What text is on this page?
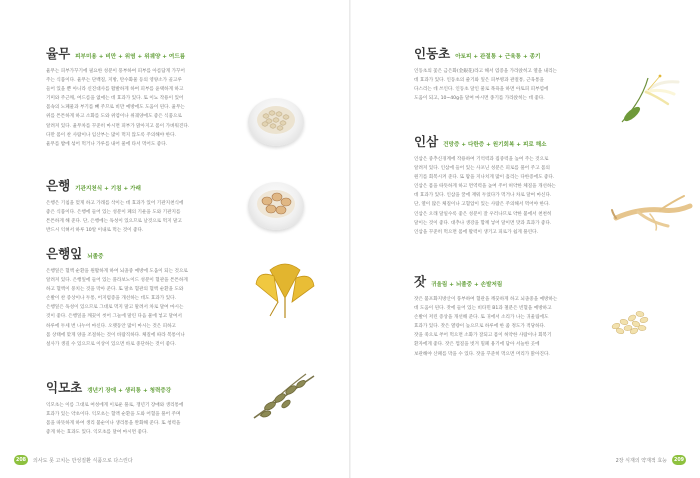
율무 피부미용 + 비만 + 위염 + 위궤양 + 여드름
율무는 피부가꾸기에 필요한 성분이 풍부하여 피부를 아름답게 가꾸어
주는 식품이다. 율무는 단백질, 지방, 탄수화물 등의 영양소가 골고루
들어 있을 뿐 아니라 신진대사를 활발하게 하여 피부를 윤택하게 하고
기미와 주근깨, 여드름을 없애는 데 효과가 있다. 또 이뇨 작용이 있어
몸속의 노폐물과 부기를 빼 주므로 비만 예방에도 도움이 된다. 율무는
위를 튼튼하게 하고 소화를 도와 위염이나 위궤양에도 좋은 식품으로
알려져 있다. 율무차를 꾸준히 마시면 피부가 맑아지고 몸이 가벼워진다.
다만 몸이 찬 사람이나 임산부는 많이 먹지 않도록 주의해야 한다.
율무를 밥에 섞어 먹거나 가루를 내어 물에 타서 먹어도 좋다.
은행 기관지천식 + 기침 + 가래
은행은 기침을 멎게 하고 가래를 삭이는 데 효과가 있어 기관지천식에
좋은 식품이다. 은행에 들어 있는 성분이 폐의 기운을 도와 기관지를
튼튼하게 해 준다. 단, 은행에는 독성이 있으므로 날것으로 먹지 말고
반드시 익혀서 하루 10알 이내로 먹는 것이 좋다.
은행잎 뇌졸중
은행잎은 혈액 순환을 원활하게 하여 뇌졸중 예방에 도움이 되는 것으로
알려져 있다. 은행잎에 들어 있는 플라보노이드 성분이 혈관을 튼튼하게
하고 혈액이 뭉치는 것을 막아 준다. 또 말초 혈관의 혈액 순환을 도와
손발이 찬 증상이나 두통, 어지럼증을 개선하는 데도 효과가 있다.
은행잎은 독성이 있으므로 그대로 먹지 말고 말려서 차로 달여 마시는
것이 좋다. 은행잎을 깨끗이 씻어 그늘에 말린 다음 물에 넣고 달여서
하루에 두세 번 나누어 마신다. 오랫동안 많이 마시는 것은 피하고
몸 상태에 맞게 양을 조절하는 것이 바람직하다. 체질에 따라 복통이나
설사가 생길 수 있으므로 이상이 있으면 바로 중단하는 것이 좋다.
익모초 갱년기 장애 + 생리통 + 청력증강
익모초는 이름 그대로 여성에게 이로운 풀로, 갱년기 장애와 생리통에
효과가 있는 약초이다. 익모초는 혈액 순환을 도와 어혈을 풀어 주며
몸을 따뜻하게 하여 생리 불순이나 생리통을 완화해 준다. 또 청력을
좋게 하는 효과도 있다. 익모초를 달여 마시면 좋다.
208	의사도 못 고치는 만성질환 식품으로 다스린다
인동초 아토피 + 관절통 + 근육통 + 종기
인동초의 꽃은 금은화(金銀花)라고 해서 염증을 가라앉히고 열을 내리는
데 효과가 있다. 인동초의 줄기와 잎은 피부병과 관절통, 근육통을
다스리는 데 쓰인다. 인동초 달인 물로 목욕을 하면 아토피 피부염에
도움이 되고, 10~40g을 달여 마시면 종기를 가라앉히는 데 좋다.
인삼 건망증 + 다한증 + 원기회복 + 피로 해소
인삼은 중추신경계에 작용하여 기억력과 집중력을 높여 주는 것으로
알려져 있다. 인삼에 들어 있는 사포닌 성분은 피로를 풀어 주고 몸의
원기를 회복시켜 준다. 또 땀을 지나치게 많이 흘리는 다한증에도 좋다.
인삼은 몸을 따뜻하게 하고 면역력을 높여 주어 허약한 체질을 개선하는
데 효과가 있다. 인삼을 꿀에 재워 두었다가 먹거나 차로 달여 마신다.
단, 열이 많은 체질이나 고혈압이 있는 사람은 주의해서 먹어야 한다.
인삼은 오래 달일수록 좋은 성분이 잘 우러나므로 약한 불에서 천천히
달이는 것이 좋다. 대추나 생강을 함께 넣어 달이면 맛과 효과가 좋다.
인삼을 꾸준히 먹으면 몸에 활력이 생기고 피로가 쉽게 풀린다.
잣 귀울림 + 뇌졸중 + 손발저림
잣은 불포화지방산이 풍부하여 혈관을 깨끗하게 하고 뇌졸중을 예방하는
데 도움이 된다. 잣에 들어 있는 비타민 B1과 철분은 빈혈을 예방하고
손발이 저린 증상을 개선해 준다. 또 귀에서 소리가 나는 귀울림에도
효과가 있다. 잣은 열량이 높으므로 하루에 한 줌 정도가 적당하다.
잣을 죽으로 쑤어 먹으면 소화가 잘되고 몸이 허약한 사람이나 회복기
환자에게 좋다. 잣은 껍질을 벗겨 밀폐 용기에 담아 서늘한 곳에
보관해야 산패를 막을 수 있다. 잣을 꾸준히 먹으면 머리가 맑아진다.
2장 식재의 약재적 효능	209
